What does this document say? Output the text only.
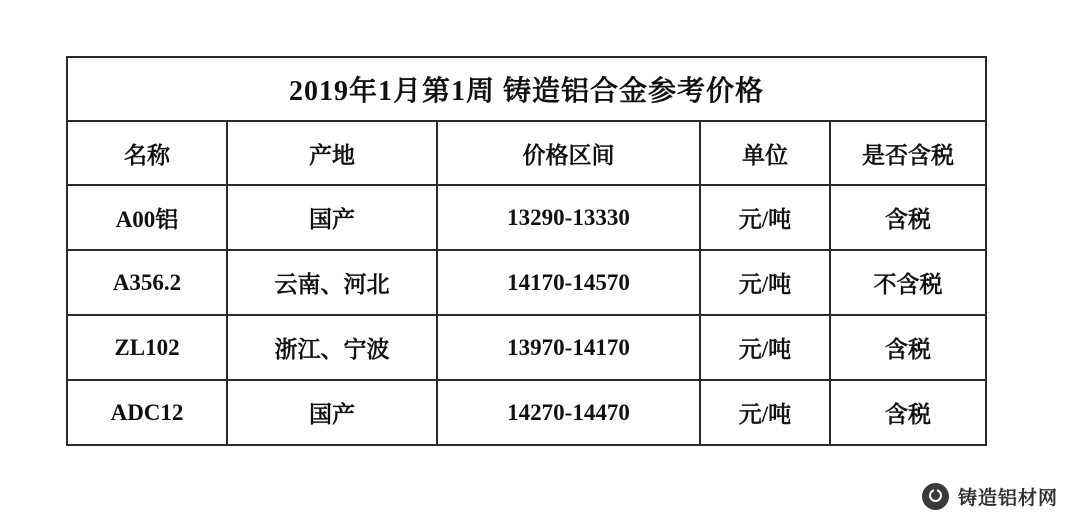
2019年1月第1周 铸造铝合金参考价格				
名称	产地	价格区间	单位	是否含税
A00铝	国产	13290-13330	元/吨	含税
A356.2	云南、河北	14170-14570	元/吨	不含税
ZL102	浙江、宁波	13970-14170	元/吨	含税
ADC12	国产	14270-14470	元/吨	含税
铸造铝材网
